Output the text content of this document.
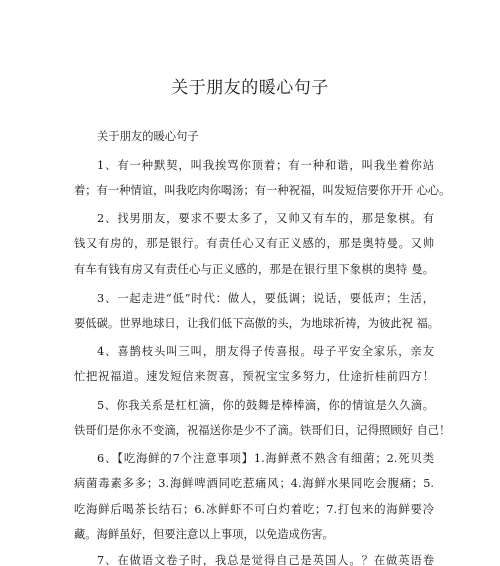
关于朋友的暖心句子
关于朋友的暖心句子
1、有一种默契，叫我挨骂你顶着；有一种和谐，叫我坐着你站
着；有一种情谊，叫我吃肉你喝汤；有一种祝福，叫发短信要你开开 心心。
2、找男朋友，要求不要太多了，又帅又有车的，那是象棋。有
钱又有房的，那是银行。有责任心又有正义感的，那是奥特曼。又帅
有车有钱有房又有责任心与正义感的，那是在银行里下象棋的奥特 曼。
3、一起走进“低”时代：做人，要低调；说话，要低声；生活，
要低碳。世界地球日，让我们低下高傲的头，为地球祈祷，为彼此祝 福。
4、喜鹊枝头叫三叫，朋友得子传喜报。母子平安全家乐，亲友
忙把祝福道。速发短信来贺喜，预祝宝宝多努力，仕途折桂前四方！
5、你我关系是杠杠滴，你的鼓舞是棒棒滴，你的情谊是久久滴。
铁哥们是你永不变滴，祝福送你是少不了滴。铁哥们日，记得照顾好 自己！
6、【吃海鲜的7个注意事项】1.海鲜煮不熟含有细菌；2.死贝类
病菌毒素多多；3.海鲜啤酒同吃惹痛风；4.海鲜水果同吃会腹痛；5.
吃海鲜后喝茶长结石；6.冰鲜虾不可白灼着吃；7.打包来的海鲜要冷
藏。海鲜虽好，但要注意以上事项，以免造成伤害。
7、在做语文卷子时，我总是觉得自己是英国人。？在做英语卷
